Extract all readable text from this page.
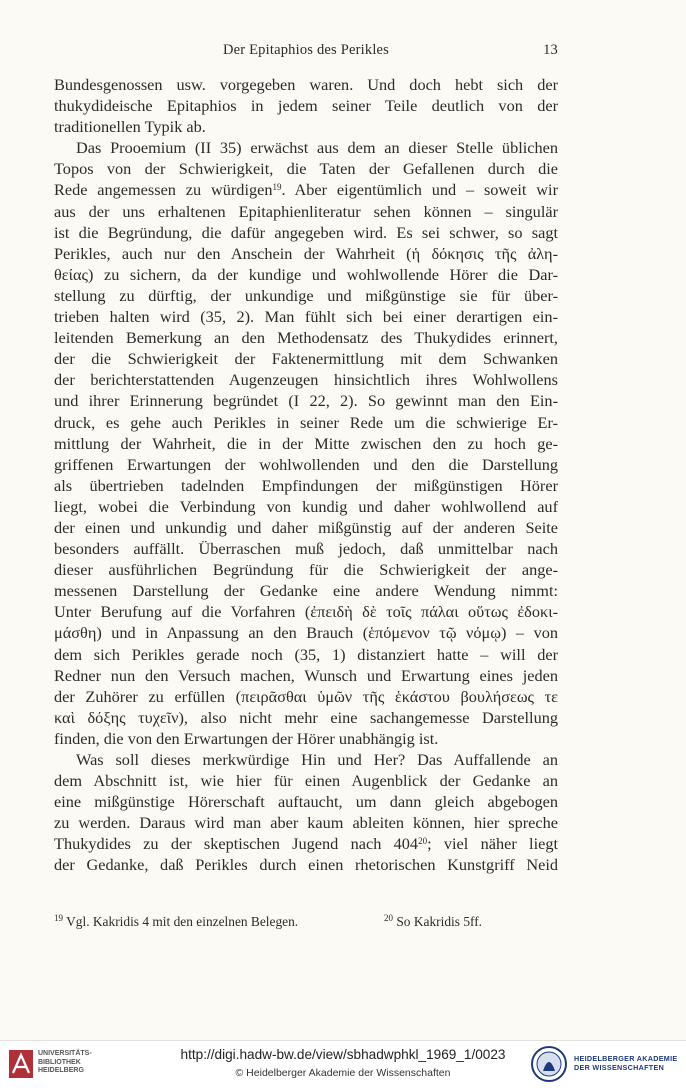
Der Epitaphios des Perikles	13
Bundesgenossen usw. vorgegeben waren. Und doch hebt sich der
thukydideische Epitaphios in jedem seiner Teile deutlich von der
traditionellen Typik ab.
Das Prooemium (II 35) erwächst aus dem an dieser Stelle üblichen
Topos von der Schwierigkeit, die Taten der Gefallenen durch die
Rede angemessen zu würdigen$^{19}$. Aber eigentümlich und – soweit wir
aus der uns erhaltenen Epitaphienliteratur sehen können – singulär
ist die Begründung, die dafür angegeben wird. Es sei schwer, so sagt
Perikles, auch nur den Anschein der Wahrheit (ἡ δόκησις τῆς ἀλη-
θείας) zu sichern, da der kundige und wohlwollende Hörer die Dar-
stellung zu dürftig, der unkundige und mißgünstige sie für über-
trieben halten wird (35, 2). Man fühlt sich bei einer derartigen ein-
leitenden Bemerkung an den Methodensatz des Thukydides erinnert,
der die Schwierigkeit der Faktenermittlung mit dem Schwanken
der berichterstattenden Augenzeugen hinsichtlich ihres Wohlwollens
und ihrer Erinnerung begründet (I 22, 2). So gewinnt man den Ein-
druck, es gehe auch Perikles in seiner Rede um die schwierige Er-
mittlung der Wahrheit, die in der Mitte zwischen den zu hoch ge-
griffenen Erwartungen der wohlwollenden und den die Darstellung
als übertrieben tadelnden Empfindungen der mißgünstigen Hörer
liegt, wobei die Verbindung von kundig und daher wohlwollend auf
der einen und unkundig und daher mißgünstig auf der anderen Seite
besonders auffällt. Überraschen muß jedoch, daß unmittelbar nach
dieser ausführlichen Begründung für die Schwierigkeit der ange-
messenen Darstellung der Gedanke eine andere Wendung nimmt:
Unter Berufung auf die Vorfahren (ἐπειδὴ δὲ τοῖς πάλαι οὕτως ἐδοκι-
μάσθη) und in Anpassung an den Brauch (ἑπόμενον τῷ νόμῳ) – von
dem sich Perikles gerade noch (35, 1) distanziert hatte – will der
Redner nun den Versuch machen, Wunsch und Erwartung eines jeden
der Zuhörer zu erfüllen (πειρᾶσθαι ὑμῶν τῆς ἑκάστου βουλήσεως τε
καὶ δόξης τυχεῖν), also nicht mehr eine sachangemesse Darstellung
finden, die von den Erwartungen der Hörer unabhängig ist.
Was soll dieses merkwürdige Hin und Her? Das Auffallende an
dem Abschnitt ist, wie hier für einen Augenblick der Gedanke an
eine mißgünstige Hörerschaft auftaucht, um dann gleich abgebogen
zu werden. Daraus wird man aber kaum ableiten können, hier spreche
Thukydides zu der skeptischen Jugend nach $404^{20}$; viel näher liegt
der Gedanke, daß Perikles durch einen rhetorischen Kunstgriff Neid
$^{19}$ Vgl. Kakridis 4 mit den einzelnen Belegen.	$^{20}$ So Kakridis 5ff.
UNIVERSITÄTS-
BIBLIOTHEK
HEIDELBERG
http://digi.hadw-bw.de/view/sbhadwphkl_1969_1/0023
© Heidelberger Akademie der Wissenschaften
HEIDELBERGER AKADEMIE
DER WISSENSCHAFTEN
